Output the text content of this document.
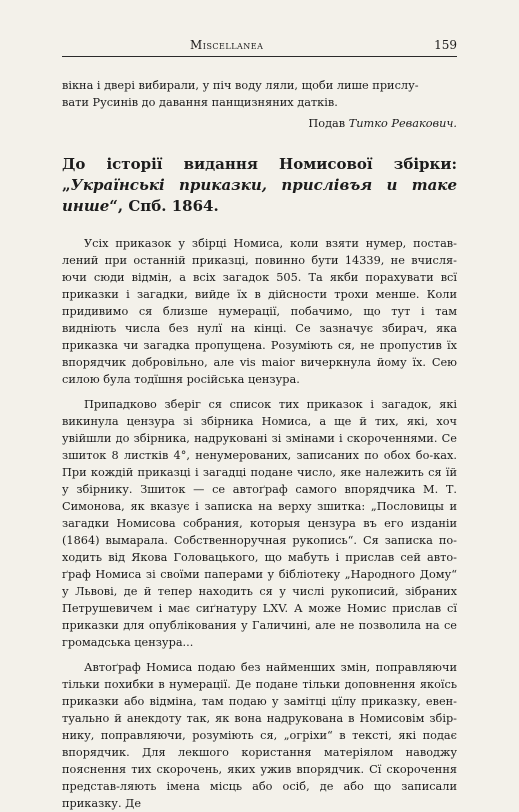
Miscellanea	159

вікна і двері вибирали, у піч воду ляли, щоби лише приcлу-
вати Русинів до давання панщизняних датків.

Подав Титко Ревакович.
До історії видання Номисової збірки: „Українські приказки, прислівъя и таке инше“, Спб. 1864.

Усіх приказок у збірці Номиса, коли взяти нумер, постав-лений при останній приказці, повинно бути 14339, не вчисля-ючи сюди відмін, а всіх загадок 505. Та якби порахувати всї приказки і загадки, вийде їх в дійсности трохи менше. Коли придивимо ся близше нумерації, побачимо, що тут і там видніють числа без нулї на кінці. Се зазначує збирач, яка приказка чи загадка пропущена. Розуміють ся, не пропустив їх впорядчик добровільно, але vis maior вичеркнула йому їх. Сею силою була тодїшня російська цензура.

Припадково зберіг ся список тих приказок і загадок, які викинула цензура зі збірника Номиса, а ще й тих, які, хоч увійшли до збірника, надруковані зі змінами і скороченнями. Се зшиток 8 листків 4°, ненумерованих, записаних по обох бо-ках. При кождій приказці і загадці подане число, яке належить ся їй у збірнику. Зшиток — се автоґраф самого впорядчика М. Т. Симонова, як вказує і записка на верху зшитка: „Пословицы и загадки Номисова собрания, которыя цензура въ его изданіи (1864) вымарала. Собственноручная рукопись“. Ся записка по-ходить від Якова Головацького, що мабуть і прислав сей авто-ґраф Номиса зі своїми паперами у бібліотеку „Народного Дому“ у Львові, де й тепер находить ся у числі рукописий, зібраних Петрушевичем і має сиґнатуру LXV. А може Номис прислав сї приказки для опублікования у Галичині, але не позволила на се громадська цензура...

Автоґраф Номиса подаю без найменших змін, поправляючи тільки похибки в нумерації. Де подане тільки доповнення якоїсь приказки або відміна, там подаю у замітці цїлу приказку, евен-туально й анекдоту так, як вона надрукована в Номисовім збір-нику, поправляючи, розуміють ся, „огріхи“ в тексті, які подає впорядчик. Для лекшого користання матеріялом наводжу пояснення тих скорочень, яких ужив впорядчик. Сї скорочення представ-ляють імена місць або осіб, де або що записали приказку. Де
